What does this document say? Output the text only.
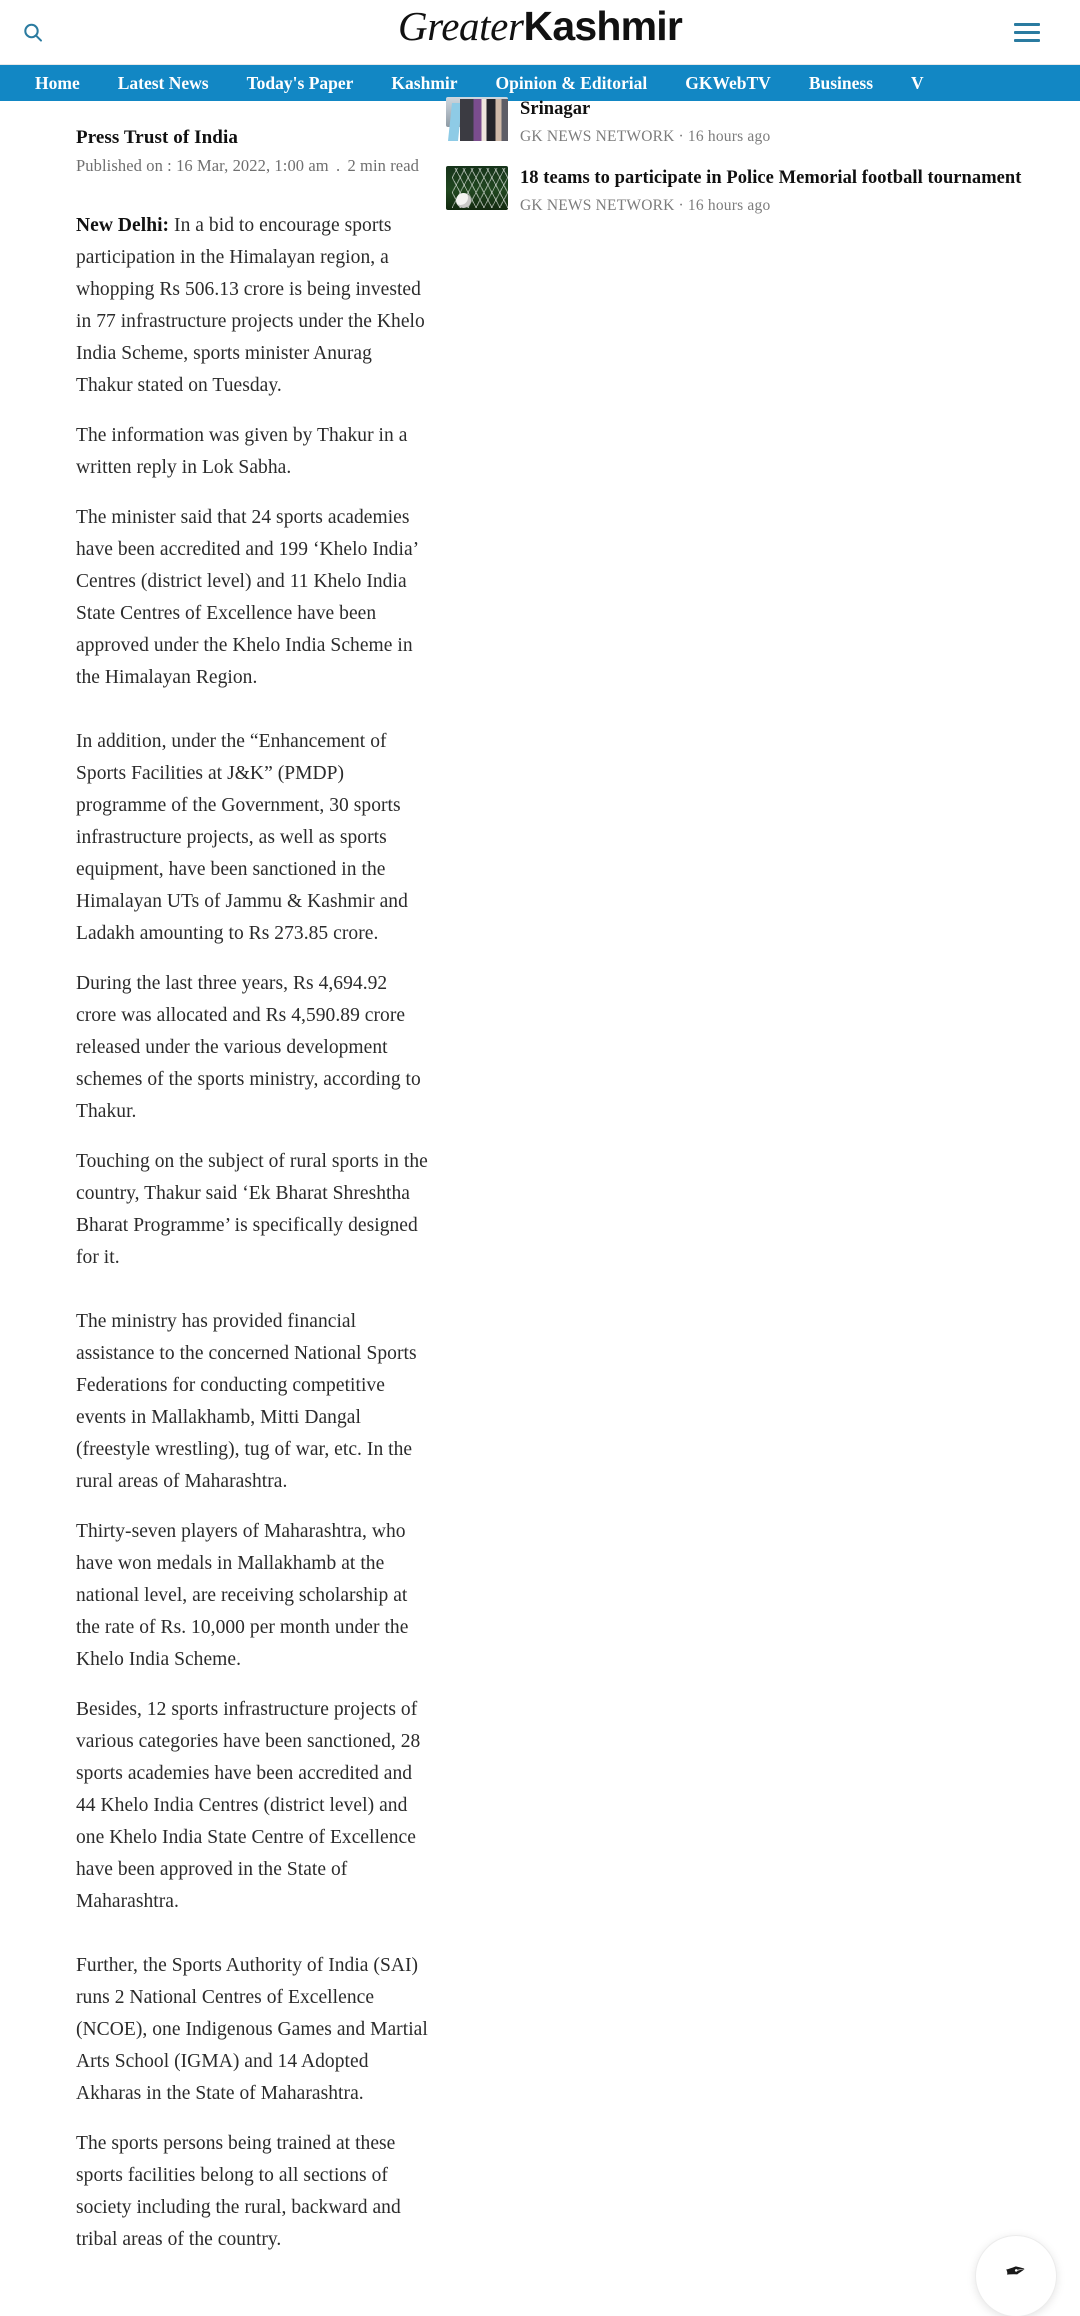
GreaterKashmir
Home	Latest News	Today's Paper	Kashmir	Opinion & Editorial	GKWebTV	Business	V
Press Trust of India
Published on : 16 Mar, 2022, 1:00 am . 2 min read

New Delhi: In a bid to encourage sports participation in the Himalayan region, a whopping Rs 506.13 crore is being invested in 77 infrastructure projects under the Khelo India Scheme, sports minister Anurag Thakur stated on Tuesday.

The information was given by Thakur in a written reply in Lok Sabha.

The minister said that 24 sports academies have been accredited and 199 ‘Khelo India’ Centres (district level) and 11 Khelo India State Centres of Excellence have been approved under the Khelo India Scheme in the Himalayan Region.

In addition, under the “Enhancement of Sports Facilities at J&K” (PMDP) programme of the Government, 30 sports infrastructure projects, as well as sports equipment, have been sanctioned in the Himalayan UTs of Jammu & Kashmir and Ladakh amounting to Rs 273.85 crore.

During the last three years, Rs 4,694.92 crore was allocated and Rs 4,590.89 crore released under the various development schemes of the sports ministry, according to Thakur.

Touching on the subject of rural sports in the country, Thakur said ‘Ek Bharat Shreshtha Bharat Programme’ is specifically designed for it.

The ministry has provided financial assistance to the concerned National Sports Federations for conducting competitive events in Mallakhamb, Mitti Dangal (freestyle wrestling), tug of war, etc. In the rural areas of Maharashtra.

Thirty-seven players of Maharashtra, who have won medals in Mallakhamb at the national level, are receiving scholarship at the rate of Rs. 10,000 per month under the Khelo India Scheme.

Besides, 12 sports infrastructure projects of various categories have been sanctioned, 28 sports academies have been accredited and 44 Khelo India Centres (district level) and one Khelo India State Centre of Excellence have been approved in the State of Maharashtra.

Further, the Sports Authority of India (SAI) runs 2 National Centres of Excellence (NCOE), one Indigenous Games and Martial Arts School (IGMA) and 14 Adopted Akharas in the State of Maharashtra.

The sports persons being trained at these sports facilities belong to all sections of society including the rural, backward and tribal areas of the country.

Srinagar
GK NEWS NETWORK · 16 hours ago
18 teams to participate in Police Memorial football tournament
GK NEWS NETWORK · 16 hours ago
✒
